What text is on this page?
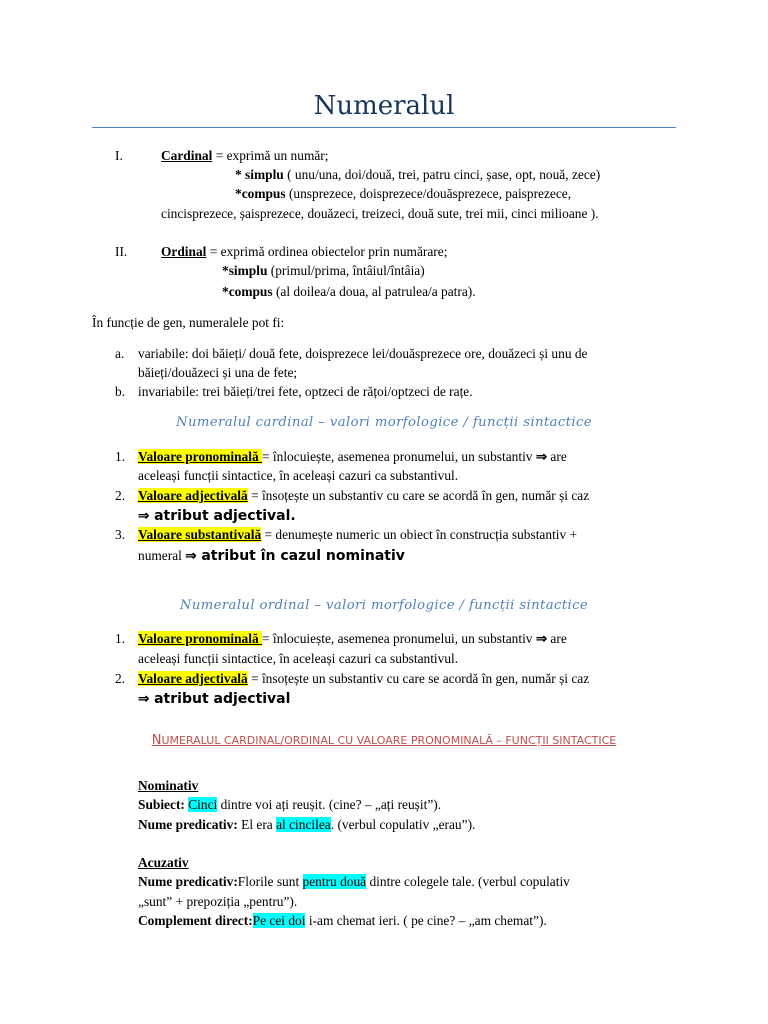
Numeralul
I.	Cardinal = exprimă un număr;
* simplu ( unu/una, doi/două, trei, patru cinci, șase, opt, nouă, zece)
*compus (unsprezece, doisprezece/douăsprezece, paisprezece,
cincisprezece, șaisprezece, douăzeci, treizeci, două sute, trei mii, cinci milioane ).
II.	Ordinal = exprimă ordinea obiectelor prin numărare;
*simplu (primul/prima, întâiul/întâia)
*compus (al doilea/a doua, al patrulea/a patra).
În funcție de gen, numeralele pot fi:
a. variabile: doi băieți/ două fete, doisprezece lei/douăsprezece ore, douăzeci și unu de
băieți/douăzeci și una de fete;
b. invariabile: trei băieți/trei fete, optzeci de rățoi/optzeci de rațe.
Numeralul cardinal – valori morfologice / funcții sintactice
1. Valoare pronominală = înlocuiește, asemenea pronumelui, un substantiv ⇒ are
aceleași funcții sintactice, în aceleași cazuri ca substantivul.
2. Valoare adjectivală = însoțește un substantiv cu care se acordă în gen, număr și caz
⇒ atribut adjectival.
3. Valoare substantivală = denumește numeric un obiect în construcția substantiv +
numeral ⇒ atribut în cazul nominativ
Numeralul ordinal – valori morfologice / funcții sintactice
1. Valoare pronominală = înlocuiește, asemenea pronumelui, un substantiv ⇒ are
aceleași funcții sintactice, în aceleași cazuri ca substantivul.
2. Valoare adjectivală = însoțește un substantiv cu care se acordă în gen, număr și caz
⇒ atribut adjectival
NUMERALUL CARDINAL/ORDINAL CU VALOARE PRONOMINALĂ – FUNCȚII SINTACTICE
Nominativ
Subiect: Cinci dintre voi ați reușit. (cine? – „ați reușit”).
Nume predicativ: El era al cincilea. (verbul copulativ „erau”).
Acuzativ
Nume predicativ:Florile sunt pentru două dintre colegele tale. (verbul copulativ
„sunt” + prepoziția „pentru”).
Complement direct:Pe cei doi i-am chemat ieri. ( pe cine? – „am chemat”).
